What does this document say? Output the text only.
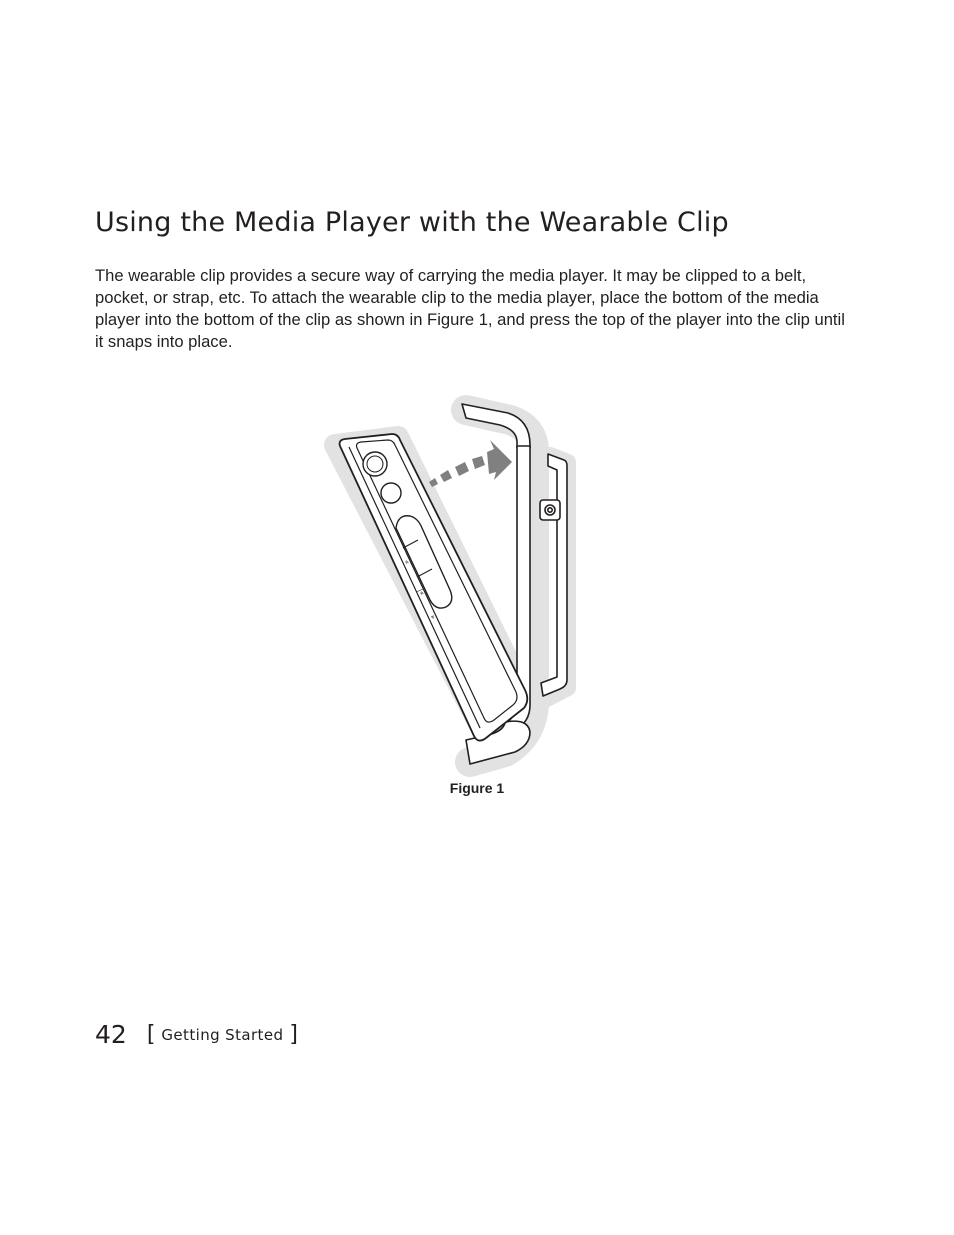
Using the Media Player with the Wearable Clip

The wearable clip provides a secure way of carrying the media player. It may be clipped to a belt, pocket, or strap, etc. To attach the wearable clip to the media player, place the bottom of the media player into the bottom of the clip as shown in Figure 1, and press the top of the player into the clip until it snaps into place.

«
|«
»
Figure 1
42 [ Getting Started ]
